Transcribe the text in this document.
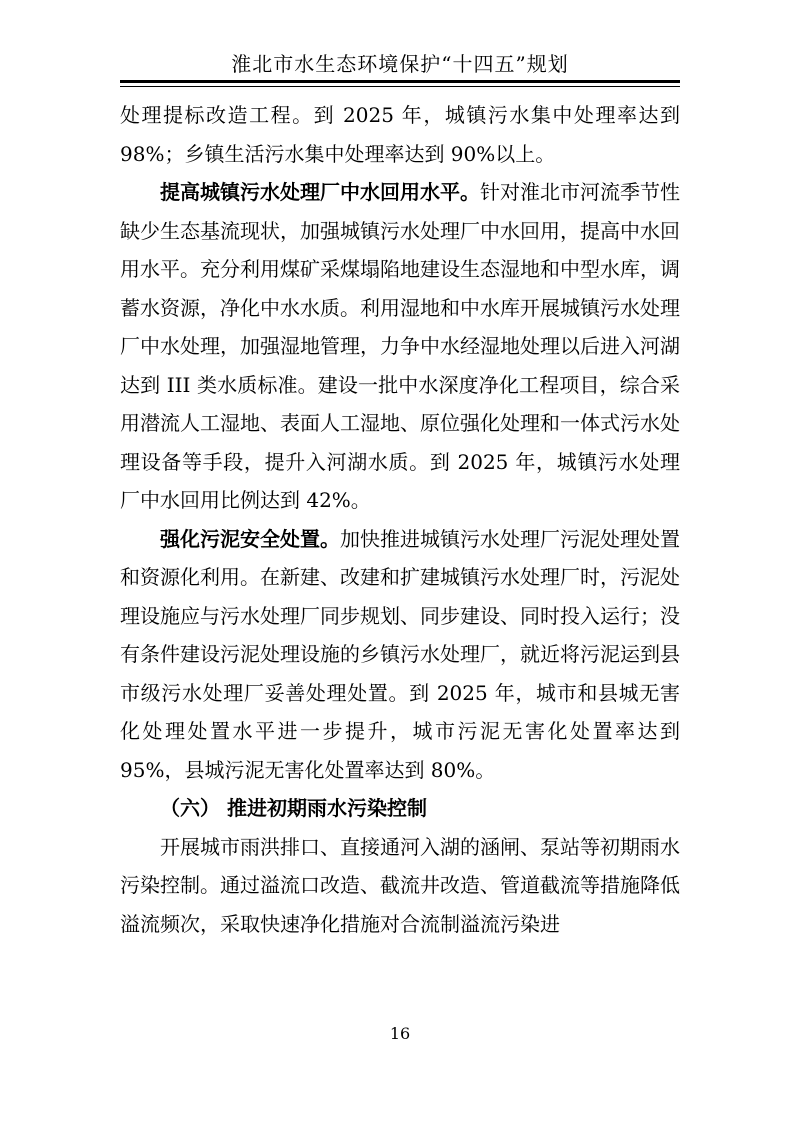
淮北市水生态环境保护“十四五”规划

处理提标改造工程。到 2025 年，城镇污水集中处理率达到 98%；乡镇生活污水集中处理率达到 90%以上。

提高城镇污水处理厂中水回用水平。针对淮北市河流季节性缺少生态基流现状，加强城镇污水处理厂中水回用，提高中水回用水平。充分利用煤矿采煤塌陷地建设生态湿地和中型水库，调蓄水资源，净化中水水质。利用湿地和中水库开展城镇污水处理厂中水处理，加强湿地管理，力争中水经湿地处理以后进入河湖达到 III 类水质标准。建设一批中水深度净化工程项目，综合采用潜流人工湿地、表面人工湿地、原位强化处理和一体式污水处理设备等手段，提升入河湖水质。到 2025 年，城镇污水处理厂中水回用比例达到 42%。

强化污泥安全处置。加快推进城镇污水处理厂污泥处理处置和资源化利用。在新建、改建和扩建城镇污水处理厂时，污泥处理设施应与污水处理厂同步规划、同步建设、同时投入运行；没有条件建设污泥处理设施的乡镇污水处理厂，就近将污泥运到县市级污水处理厂妥善处理处置。到 2025 年，城市和县城无害化处理处置水平进一步提升，城市污泥无害化处置率达到 95%，县城污泥无害化处置率达到 80%。

（六） 推进初期雨水污染控制

开展城市雨洪排口、直接通河入湖的涵闸、泵站等初期雨水污染控制。通过溢流口改造、截流井改造、管道截流等措施降低溢流频次，采取快速净化措施对合流制溢流污染进

16
